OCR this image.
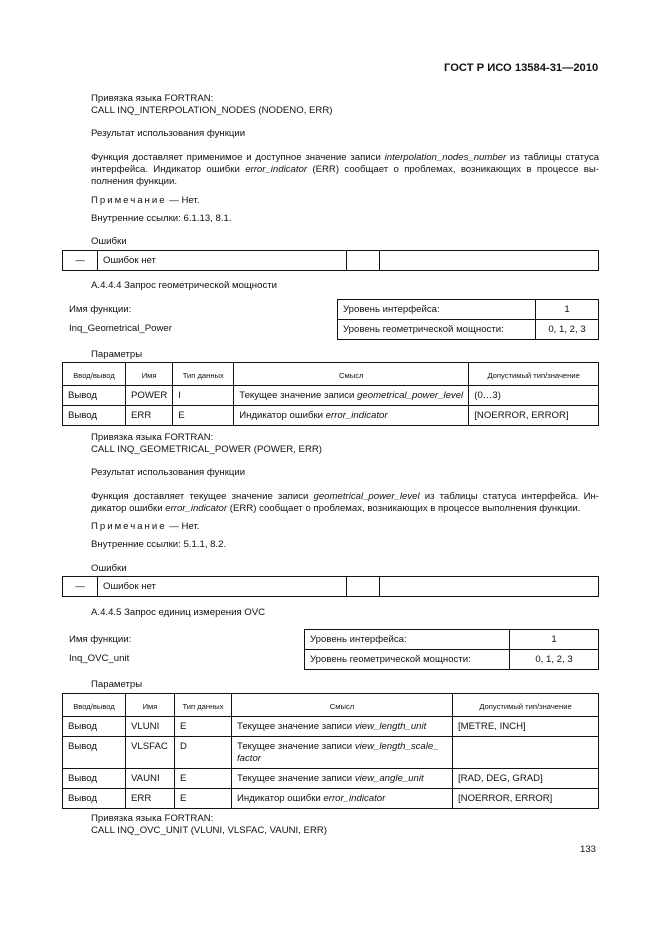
ГОСТ Р ИСО 13584-31—2010
Привязка языка FORTRAN:
CALL INQ_INTERPOLATION_NODES (NODENO, ERR)
Результат использования функции
Функция доставляет применимое и доступное значение записи interpolation_nodes_number из таблицы статуса интерфейса. Индикатор ошибки error_indicator (ERR) сообщает о проблемах, возникающих в процессе выполнения функции.
Примечание — Нет.
Внутренние ссылки: 6.1.13, 8.1.
Ошибки
—	Ошибок нет		
А.4.4.4 Запрос геометрической мощности
Имя функции:
Inq_Geometrical_Power
Уровень интерфейса:	1
Уровень геометрической мощности:	0, 1, 2, 3
Параметры
Ввод/вывод	Имя	Тип данных	Смысл	Допустимый тип/значение
Вывод	POWER	I	Текущее значение записи geometrical_power_level	(0…3)
Вывод	ERR	E	Индикатор ошибки error_indicator	[NOERROR, ERROR]
Привязка языка FORTRAN:
CALL INQ_GEOMETRICAL_POWER (POWER, ERR)
Результат использования функции
Функция доставляет текущее значение записи geometrical_power_level из таблицы статуса интерфейса. Индикатор ошибки error_indicator (ERR) сообщает о проблемах, возникающих в процессе выполнения функции.
Примечание — Нет.
Внутренние ссылки: 5.1.1, 8.2.
Ошибки
—	Ошибок нет		
А.4.4.5 Запрос единиц измерения OVC
Имя функции:
Inq_OVC_unit
Уровень интерфейса:	1
Уровень геометрической мощности:	0, 1, 2, 3
Параметры
Ввод/вывод	Имя	Тип данных	Смысл	Допустимый тип/значение
Вывод	VLUNI	E	Текущее значение записи view_length_unit	[METRE, INCH]
Вывод	VLSFAC	D	Текущее значение записи view_length_scale_ factor	
Вывод	VAUNI	E	Текущее значение записи view_angle_unit	[RAD, DEG, GRAD]
Вывод	ERR	E	Индикатор ошибки error_indicator	[NOERROR, ERROR]
Привязка языка FORTRAN:
CALL INQ_OVC_UNIT (VLUNI, VLSFAC, VAUNI, ERR)
133
